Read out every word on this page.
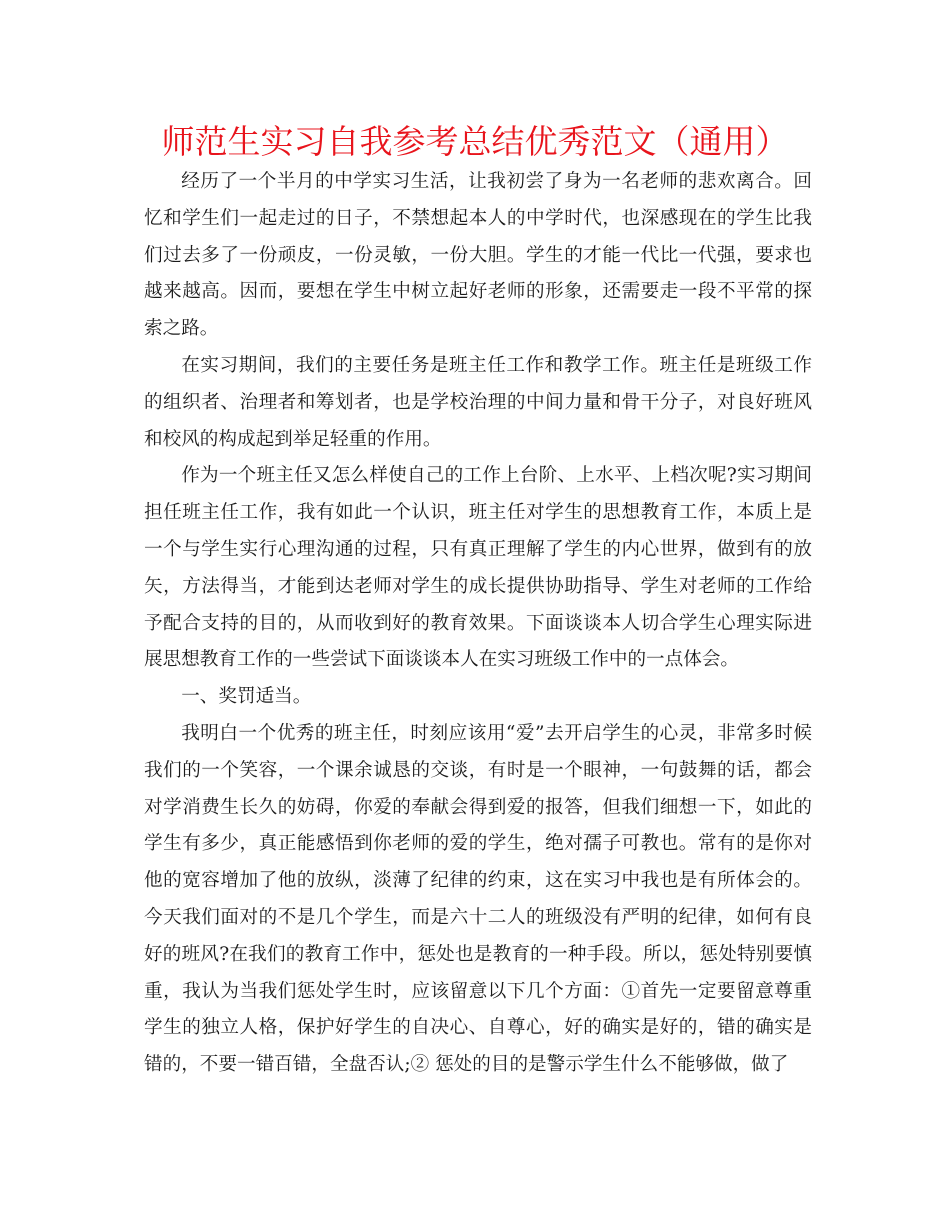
师范生实习自我参考总结优秀范文（通用）

经历了一个半月的中学实习生活，让我初尝了身为一名老师的悲欢离合。回忆和学生们一起走过的日子，不禁想起本人的中学时代，也深感现在的学生比我们过去多了一份顽皮，一份灵敏，一份大胆。学生的才能一代比一代强，要求也越来越高。因而，要想在学生中树立起好老师的形象，还需要走一段不平常的探索之路。

在实习期间，我们的主要任务是班主任工作和教学工作。班主任是班级工作的组织者、治理者和筹划者，也是学校治理的中间力量和骨干分子，对良好班风和校风的构成起到举足轻重的作用。

作为一个班主任又怎么样使自己的工作上台阶、上水平、上档次呢?实习期间担任班主任工作，我有如此一个认识，班主任对学生的思想教育工作，本质上是一个与学生实行心理沟通的过程，只有真正理解了学生的内心世界，做到有的放矢，方法得当，才能到达老师对学生的成长提供协助指导、学生对老师的工作给予配合支持的目的，从而收到好的教育效果。下面谈谈本人切合学生心理实际进展思想教育工作的一些尝试下面谈谈本人在实习班级工作中的一点体会。

一、奖罚适当。

我明白一个优秀的班主任，时刻应该用“爱”去开启学生的心灵，非常多时候我们的一个笑容，一个课余诚恳的交谈，有时是一个眼神，一句鼓舞的话，都会对学消费生长久的妨碍，你爱的奉献会得到爱的报答，但我们细想一下，如此的学生有多少，真正能感悟到你老师的爱的学生，绝对孺子可教也。常有的是你对他的宽容增加了他的放纵，淡薄了纪律的约束，这在实习中我也是有所体会的。今天我们面对的不是几个学生，而是六十二人的班级没有严明的纪律，如何有良好的班风?在我们的教育工作中，惩处也是教育的一种手段。所以，惩处特别要慎重，我认为当我们惩处学生时，应该留意以下几个方面：①首先一定要留意尊重学生的独立人格，保护好学生的自决心、自尊心，好的确实是好的，错的确实是错的，不要一错百错，全盘否认;② 惩处的目的是警示学生什么不能够做，做了
